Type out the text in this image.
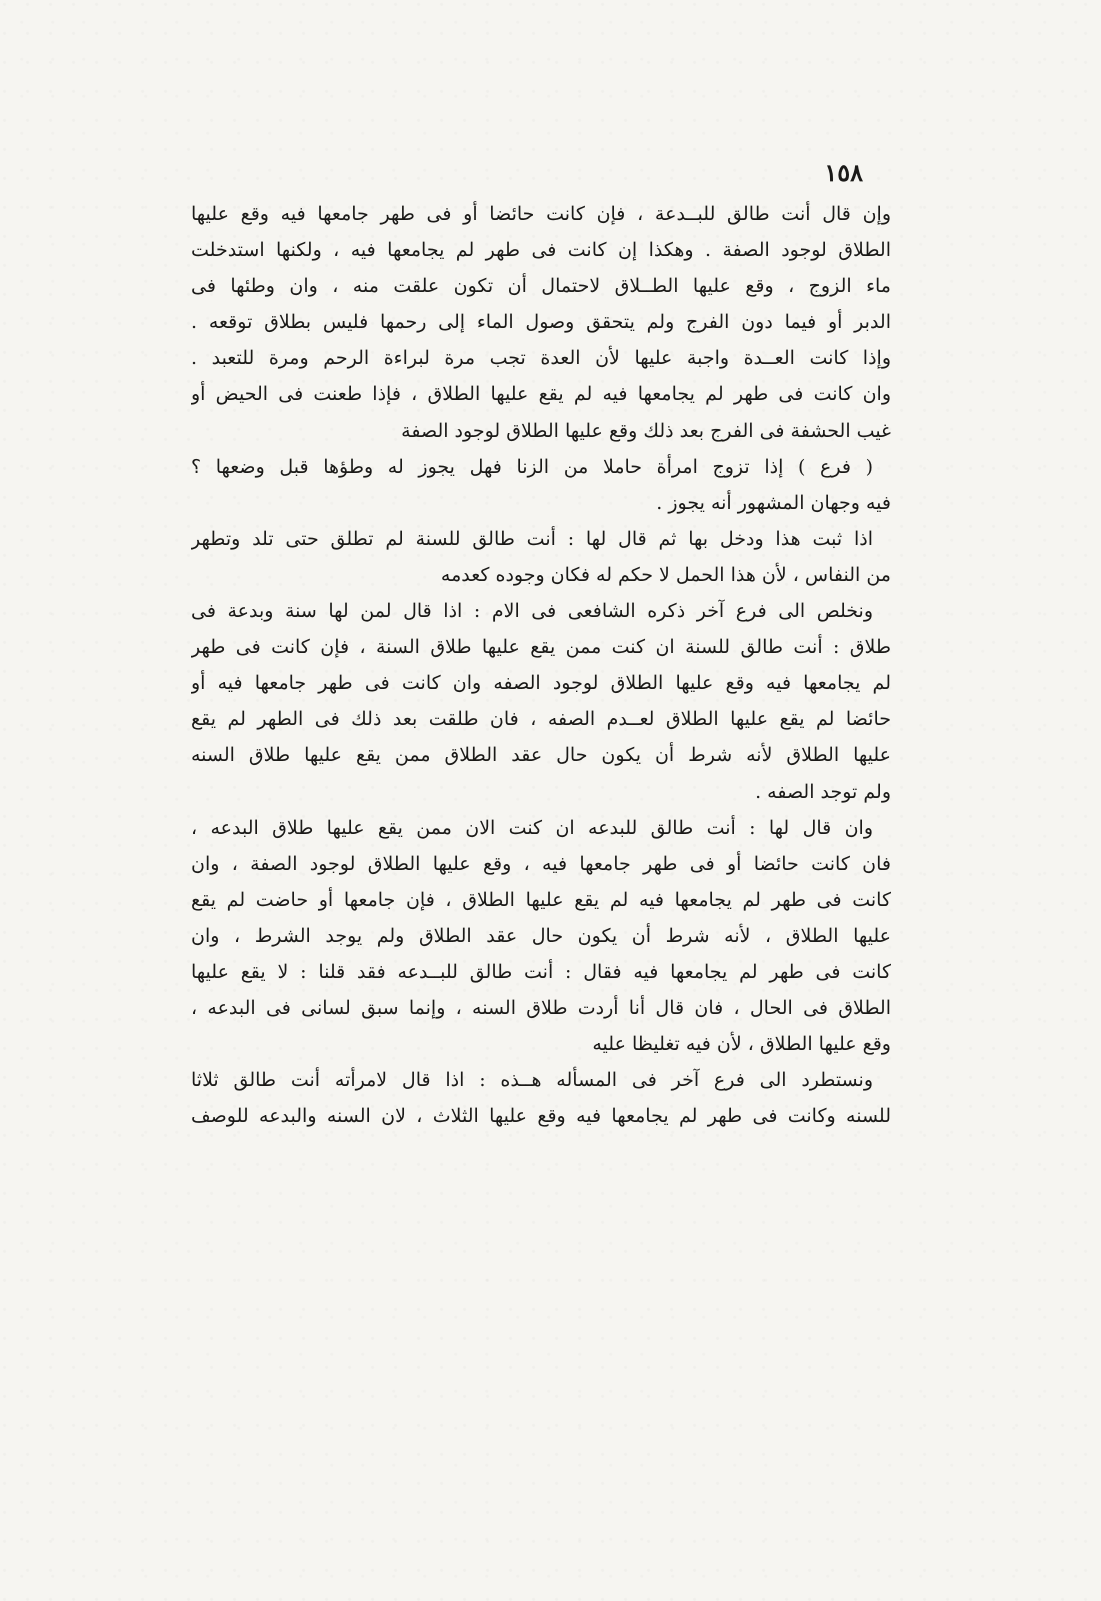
١٥٨
وإن قال أنت طالق للبــدعة ، فإن كانت حائضا أو فى طهر جامعها فيه وقع عليها
الطلاق لوجود الصفة . وهكذا إن كانت فى طهر لم يجامعها فيه ، ولكنها استدخلت
ماء الزوج ، وقع عليها الطــلاق لاحتمال أن تكون علقت منه ، وان وطئها فى
الدبر أو فيما دون الفرج ولم يتحقق وصول الماء إلى رحمها فليس بطلاق توقعه .
وإذا كانت العــدة واجبة عليها لأن العدة تجب مرة لبراءة الرحم ومرة للتعبد .
وان كانت فى طهر لم يجامعها فيه لم يقع عليها الطلاق ، فإذا طعنت فى الحيض أو
غيب الحشفة فى الفرج بعد ذلك وقع عليها الطلاق لوجود الصفة
( فرع ) إذا تزوج امرأة حاملا من الزنا فهل يجوز له وطؤها قبل وضعها ؟
فيه وجهان المشهور أنه يجوز .
اذا ثبت هذا ودخل بها ثم قال لها : أنت طالق للسنة لم تطلق حتى تلد وتطهر
من النفاس ، لأن هذا الحمل لا حكم له فكان وجوده كعدمه
ونخلص الى فرع آخر ذكره الشافعى فى الام : اذا قال لمن لها سنة وبدعة فى
طلاق : أنت طالق للسنة ان كنت ممن يقع عليها طلاق السنة ، فإن كانت فى طهر
لم يجامعها فيه وقع عليها الطلاق لوجود الصفه وان كانت فى طهر جامعها فيه أو
حائضا لم يقع عليها الطلاق لعــدم الصفه ، فان طلقت بعد ذلك فى الطهر لم يقع
عليها الطلاق لأنه شرط أن يكون حال عقد الطلاق ممن يقع عليها طلاق السنه
ولم توجد الصفه .
وان قال لها : أنت طالق للبدعه ان كنت الان ممن يقع عليها طلاق البدعه ،
فان كانت حائضا أو فى طهر جامعها فيه ، وقع عليها الطلاق لوجود الصفة ، وان
كانت فى طهر لم يجامعها فيه لم يقع عليها الطلاق ، فإن جامعها أو حاضت لم يقع
عليها الطلاق ، لأنه شرط أن يكون حال عقد الطلاق ولم يوجد الشرط ، وان
كانت فى طهر لم يجامعها فيه فقال : أنت طالق للبــدعه فقد قلنا : لا يقع عليها
الطلاق فى الحال ، فان قال أنا أردت طلاق السنه ، وإنما سبق لسانى فى البدعه ،
وقع عليها الطلاق ، لأن فيه تغليظا عليه
ونستطرد الى فرع آخر فى المسأله هــذه : اذا قال لامرأته أنت طالق ثلاثا
للسنه وكانت فى طهر لم يجامعها فيه وقع عليها الثلاث ، لان السنه والبدعه للوصف
